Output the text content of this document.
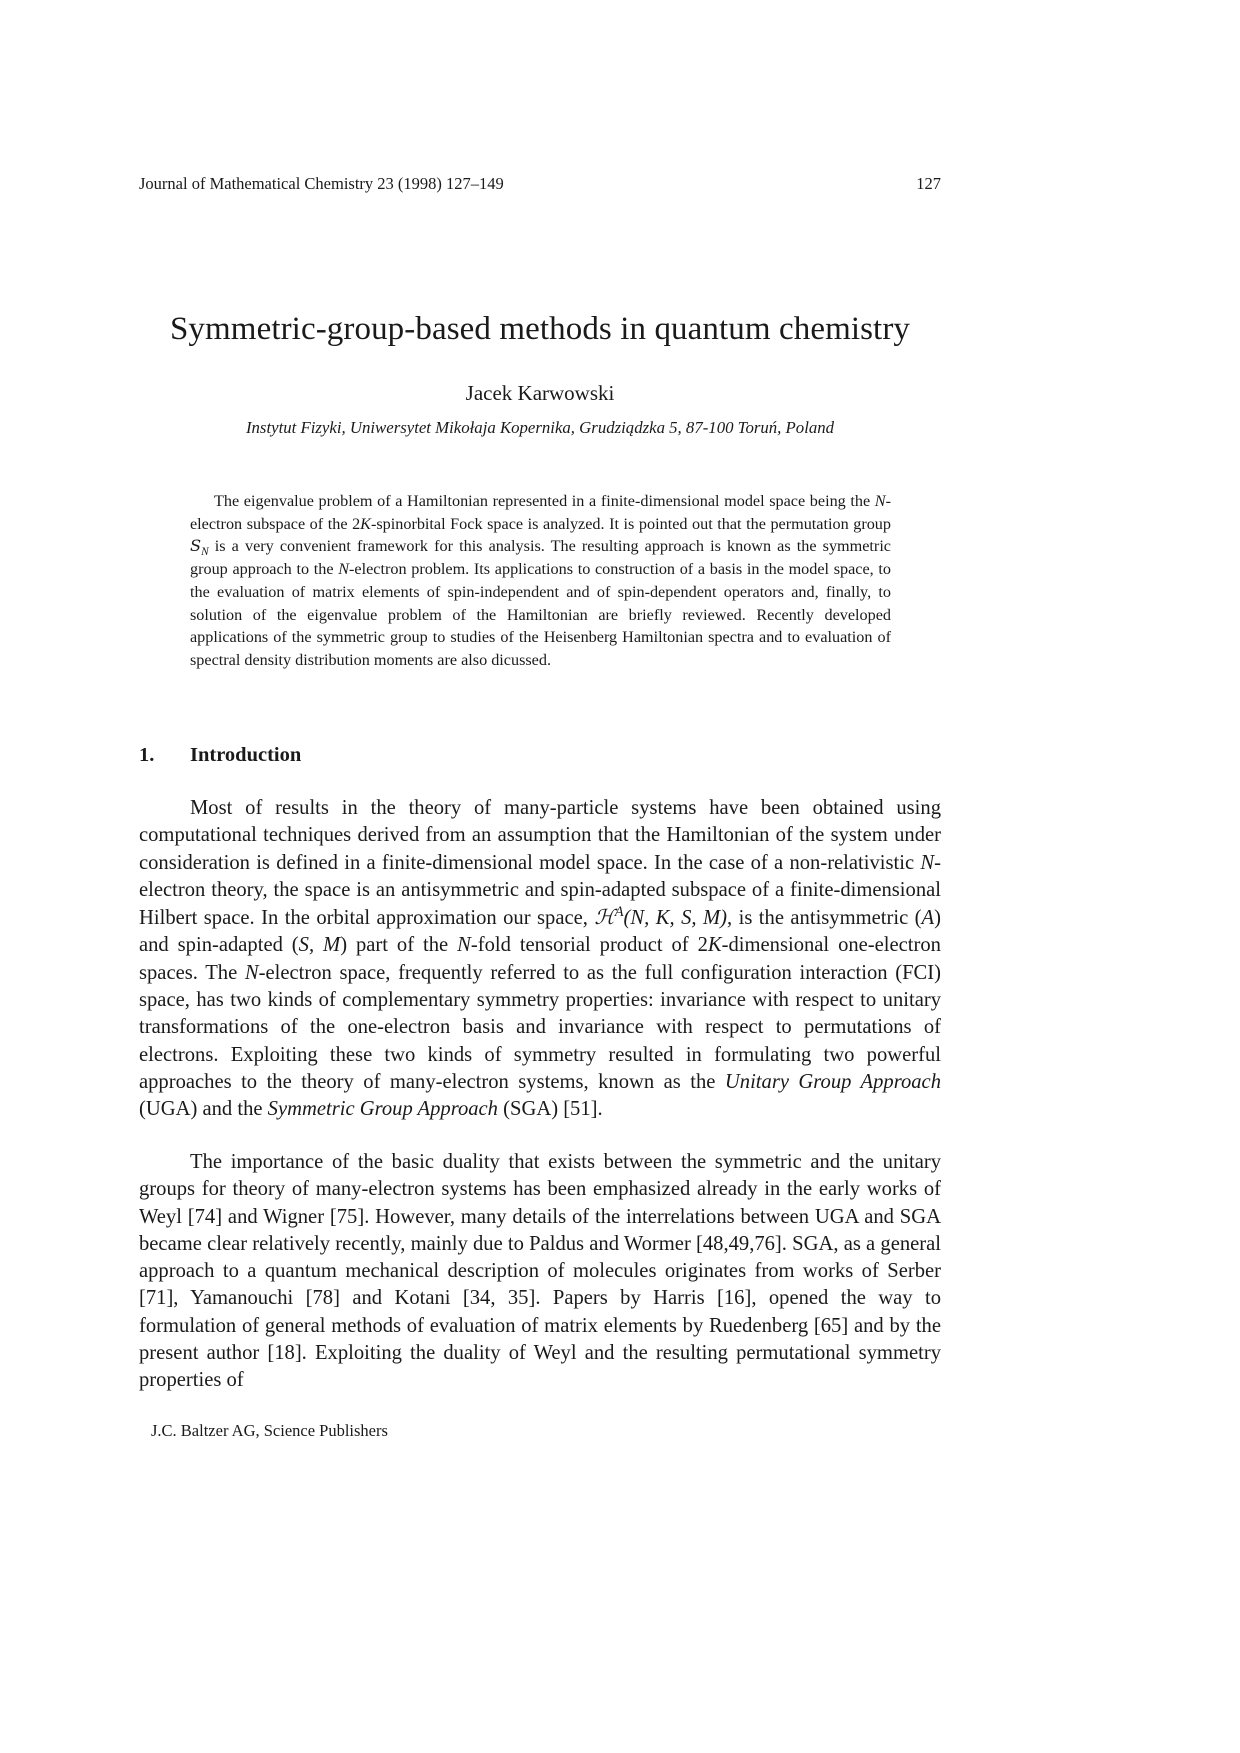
Journal of Mathematical Chemistry 23 (1998) 127–149	127
Symmetric-group-based methods in quantum chemistry
Jacek Karwowski
Instytut Fizyki, Uniwersytet Mikołaja Kopernika, Grudziądzka 5, 87-100 Toruń, Poland
The eigenvalue problem of a Hamiltonian represented in a finite-dimensional model space being the N-electron subspace of the 2K-spinorbital Fock space is analyzed. It is pointed out that the permutation group $S_N$ is a very convenient framework for this analysis. The resulting approach is known as the symmetric group approach to the N-electron problem. Its applications to construction of a basis in the model space, to the evaluation of matrix elements of spin-independent and of spin-dependent operators and, finally, to solution of the eigenvalue problem of the Hamiltonian are briefly reviewed. Recently developed applications of the symmetric group to studies of the Heisenberg Hamiltonian spectra and to evaluation of spectral density distribution moments are also dicussed.
1. Introduction
Most of results in the theory of many-particle systems have been obtained using computational techniques derived from an assumption that the Hamiltonian of the system under consideration is defined in a finite-dimensional model space. In the case of a non-relativistic N-electron theory, the space is an antisymmetric and spin-adapted subspace of a finite-dimensional Hilbert space. In the orbital approximation our space, ℋ$^A$(N, K, S, M), is the antisymmetric (A) and spin-adapted (S, M) part of the N-fold tensorial product of 2K-dimensional one-electron spaces. The N-electron space, frequently referred to as the full configuration interaction (FCI) space, has two kinds of complementary symmetry properties: invariance with respect to unitary transformations of the one-electron basis and invariance with respect to permutations of electrons. Exploiting these two kinds of symmetry resulted in formulating two powerful approaches to the theory of many-electron systems, known as the Unitary Group Approach (UGA) and the Symmetric Group Approach (SGA) [51].
The importance of the basic duality that exists between the symmetric and the unitary groups for theory of many-electron systems has been emphasized already in the early works of Weyl [74] and Wigner [75]. However, many details of the interrelations between UGA and SGA became clear relatively recently, mainly due to Paldus and Wormer [48,49,76]. SGA, as a general approach to a quantum mechanical description of molecules originates from works of Serber [71], Yamanouchi [78] and Kotani [34, 35]. Papers by Harris [16], opened the way to formulation of general methods of evaluation of matrix elements by Ruedenberg [65] and by the present author [18]. Exploiting the duality of Weyl and the resulting permutational symmetry properties of
J.C. Baltzer AG, Science Publishers
